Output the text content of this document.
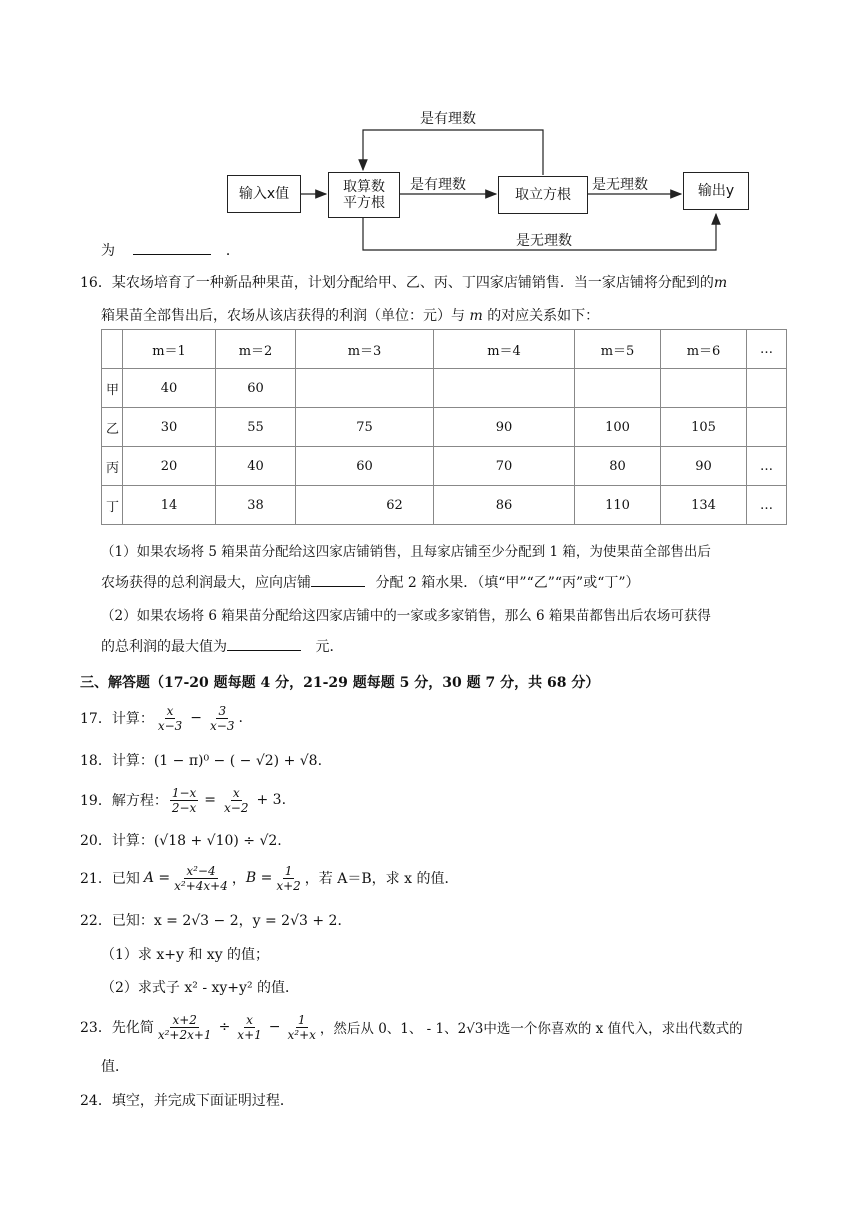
输入x值	取算数
平方根	取立方根	输出y
是有理数
是有理数	是无理数
是无理数
为	．
16．某农场培育了一种新品种果苗，计划分配给甲、乙、丙、丁四家店铺销售．当一家店铺将分配到的m
箱果苗全部售出后，农场从该店获得的利润（单位：元）与 m 的对应关系如下：
	m＝1	m＝2	m＝3	m＝4	m＝5	m＝6	…
甲	40	60					
乙	30	55	75	90	100	105	
丙	20	40	60	70	80	90	…
丁	14	38	62	86	110	134	…
（1）如果农场将 5 箱果苗分配给这四家店铺销售，且每家店铺至少分配到 1 箱，为使果苗全部售出后
农场获得的总利润最大，应向店铺	分配 2 箱水果．（填“甲”“乙”“丙”或“丁”）
（2）如果农场将 6 箱果苗分配给这四家店铺中的一家或多家销售，那么 6 箱果苗都售出后农场可获得
的总利润的最大值为	元．
三、解答题（17-20 题每题 4 分，21-29 题每题 5 分，30 题 7 分，共 68 分）
17． 计算： $\frac{x}{x-3} - \frac{3}{x-3}$ .
18．计算：(1 − π)⁰ − ( − √2) + √8.
19． 解方程： $\frac{1-x}{2-x} = \frac{x}{x-2} + 3$.
20．计算：(√18 + √10) ÷ √2.
21． 已知 $A = \frac{\text{x²−4}}{\text{x²+4x+4}}$ ， $B = \frac{1}{x+2}$ ， 若 A＝B，求 x 的值．
22．已知：x = 2√3 − 2，y = 2√3 + 2．
（1）求 x+y 和 xy 的值；
（2）求式子 x² - xy+y² 的值．
23． 先化简 $\frac{x+2}{\text{x²+2x+1}} \div \frac{x}{x+1} - \frac{1}{\text{x²+x}}$ ，然后从 0、1、 - 1、2√3中选一个你喜欢的 x 值代入，求出代数式的
值．
24．填空，并完成下面证明过程．
